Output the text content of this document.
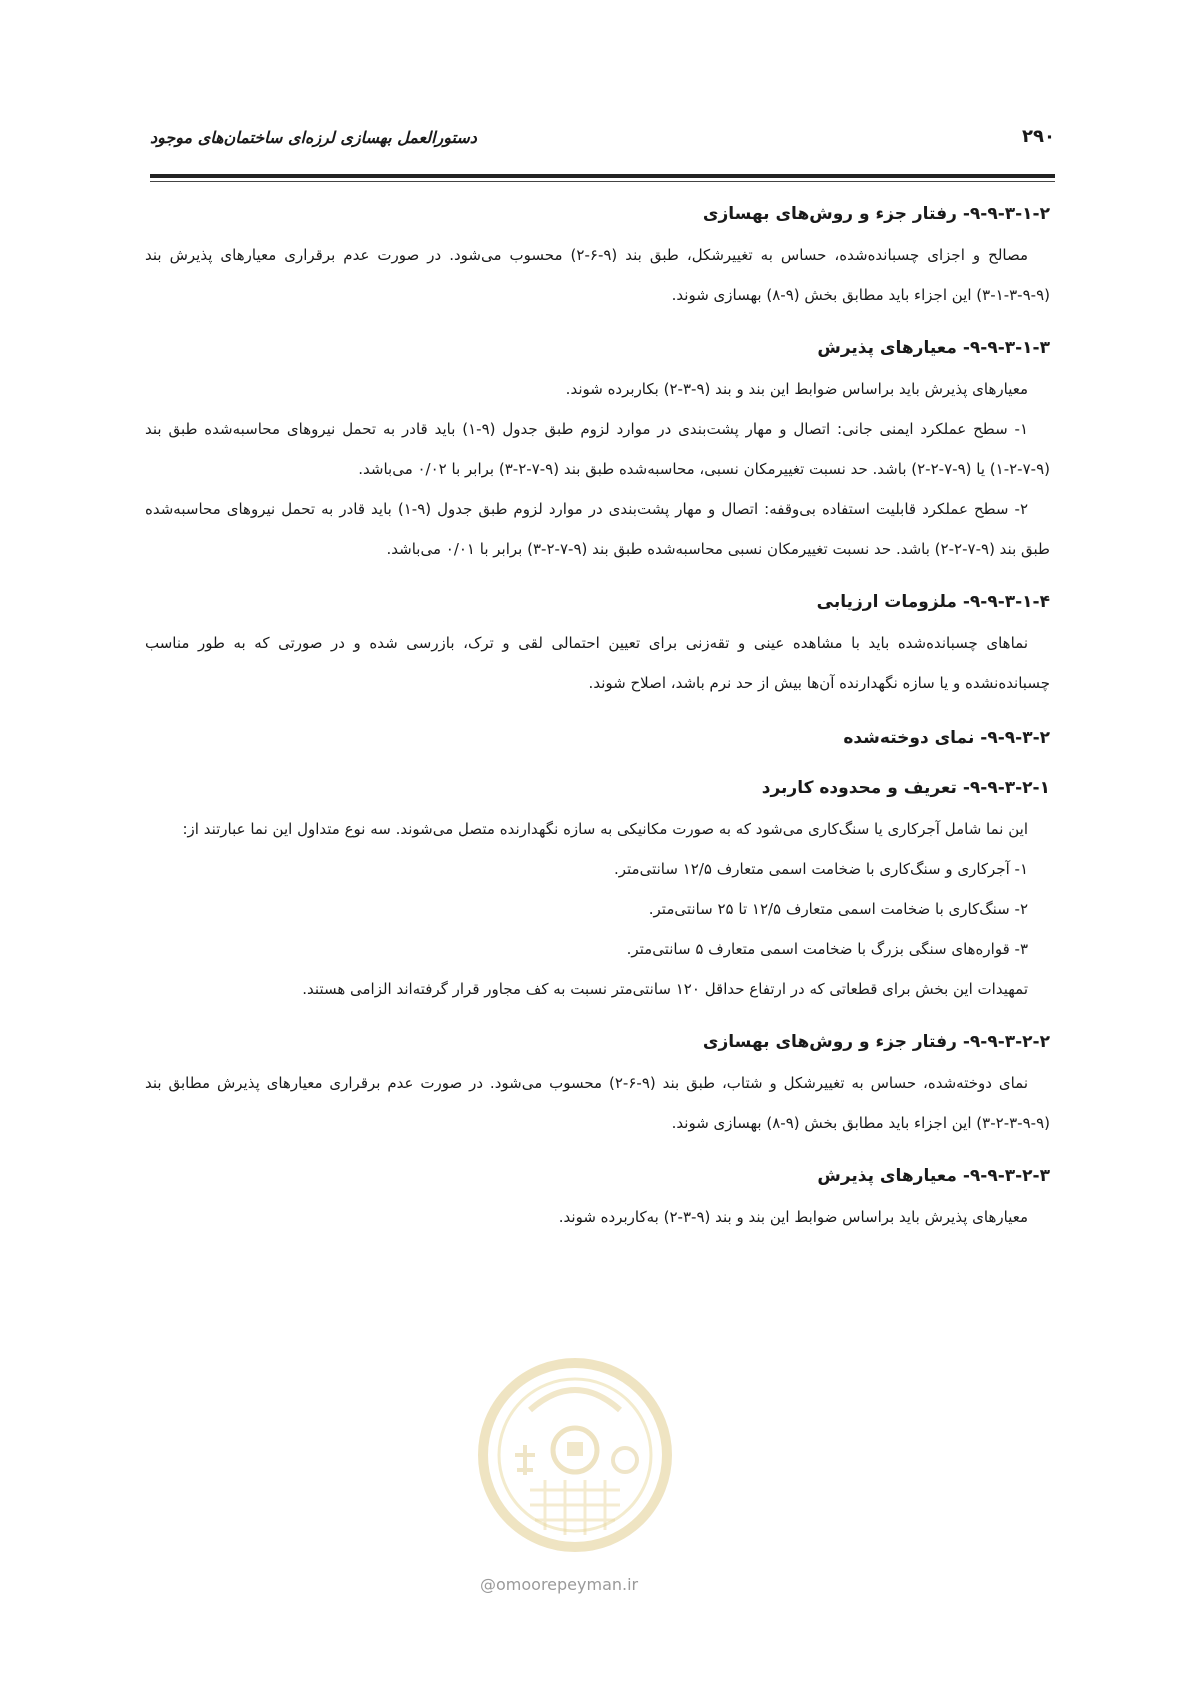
دستورالعمل بهسازی لرزه‌ای ساختمان‌های موجود	۲۹۰
۹-۹-۳-۱-۲- رفتار جزء و روش‌های بهسازی

مصالح و اجزای چسبانده‌شده، حساس به تغییرشکل، طبق بند (۹-۶-۲) محسوب می‌شود. در صورت عدم برقراری معیارهای پذیرش بند (۹-۹-۳-۱-۳) این اجزاء باید مطابق بخش (۹-۸) بهسازی شوند.

۹-۹-۳-۱-۳- معیارهای پذیرش

معیارهای پذیرش باید براساس ضوابط این بند و بند (۹-۳-۲) بکاربرده شوند.

۱- سطح عملکرد ایمنی جانی: اتصال و مهار پشت‌بندی در موارد لزوم طبق جدول (۹-۱) باید قادر به تحمل نیروهای محاسبه‌شده طبق بند (۹-۷-۲-۱) یا (۹-۷-۲-۲) باشد. حد نسبت تغییرمکان نسبی، محاسبه‌شده طبق بند (۹-۷-۲-۳) برابر با ۰/۰۲ می‌باشد.

۲- سطح عملکرد قابلیت استفاده بی‌وقفه: اتصال و مهار پشت‌بندی در موارد لزوم طبق جدول (۹-۱) باید قادر به تحمل نیروهای محاسبه‌شده طبق بند (۹-۷-۲-۲) باشد. حد نسبت تغییرمکان نسبی محاسبه‌شده طبق بند (۹-۷-۲-۳) برابر با ۰/۰۱ می‌باشد.

۹-۹-۳-۱-۴- ملزومات ارزیابی

نماهای چسبانده‌شده باید با مشاهده عینی و تقه‌زنی برای تعیین احتمالی لقی و ترک، بازرسی شده و در صورتی که به طور مناسب چسبانده‌نشده و یا سازه نگهدارنده آن‌ها بیش از حد نرم باشد، اصلاح شوند.

۹-۹-۳-۲- نمای دوخته‌شده
۹-۹-۳-۲-۱- تعریف و محدوده کاربرد

این نما شامل آجرکاری یا سنگ‌کاری می‌شود که به صورت مکانیکی به سازه نگهدارنده متصل می‌شوند. سه نوع متداول این نما عبارتند از:

۱- آجرکاری و سنگ‌کاری با ضخامت اسمی متعارف ۱۲/۵ سانتی‌متر.

۲- سنگ‌کاری با ضخامت اسمی متعارف ۱۲/۵ تا ۲۵ سانتی‌متر.

۳- قواره‌های سنگی بزرگ با ضخامت اسمی متعارف ۵ سانتی‌متر.

تمهیدات این بخش برای قطعاتی که در ارتفاع حداقل ۱۲۰ سانتی‌متر نسبت به کف مجاور قرار گرفته‌اند الزامی هستند.

۹-۹-۳-۲-۲- رفتار جزء و روش‌های بهسازی

نمای دوخته‌شده، حساس به تغییرشکل و شتاب، طبق بند (۹-۶-۲) محسوب می‌شود. در صورت عدم برقراری معیارهای پذیرش مطابق بند (۹-۹-۳-۲-۳) این اجزاء باید مطابق بخش (۹-۸) بهسازی شوند.

۹-۹-۳-۲-۳- معیارهای پذیرش

معیارهای پذیرش باید براساس ضوابط این بند و بند (۹-۳-۲) به‌کاربرده شوند.

@omoorepeyman.ir
